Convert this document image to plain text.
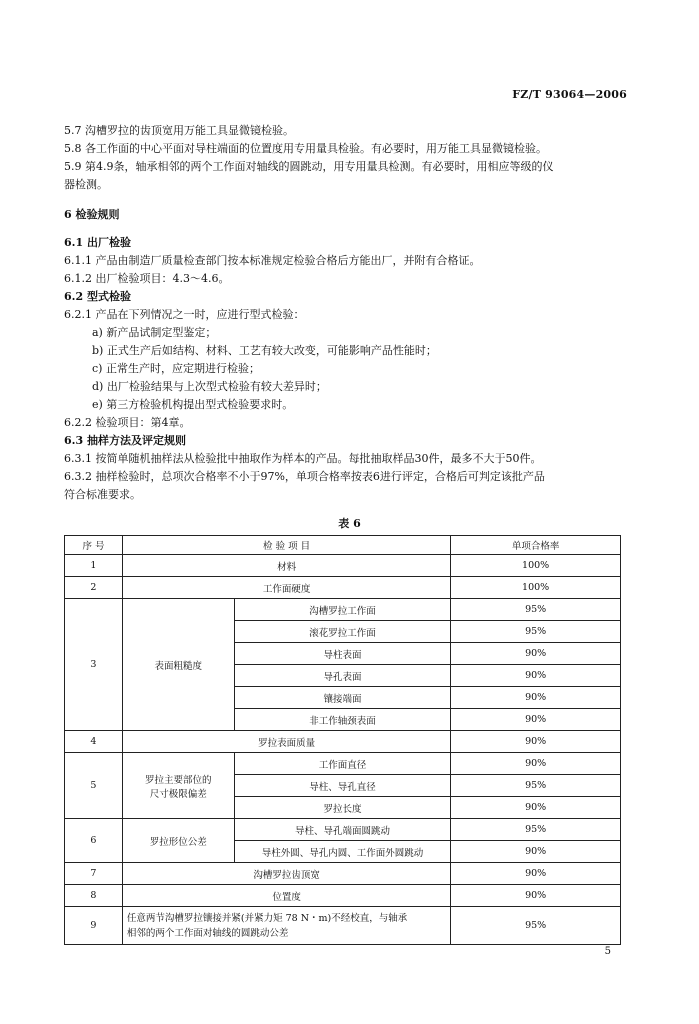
FZ/T 93064—2006
5.7 沟槽罗拉的齿顶宽用万能工具显微镜检验。
5.8 各工作面的中心平面对导柱端面的位置度用专用量具检验。有必要时，用万能工具显微镜检验。
5.9 第4.9条，轴承相邻的两个工作面对轴线的圆跳动，用专用量具检测。有必要时，用相应等级的仪
器检测。
6 检验规则
6.1 出厂检验
6.1.1 产品由制造厂质量检查部门按本标准规定检验合格后方能出厂，并附有合格证。
6.1.2 出厂检验项目：4.3～4.6。
6.2 型式检验
6.2.1 产品在下列情况之一时，应进行型式检验：
a) 新产品试制定型鉴定；
b) 正式生产后如结构、材料、工艺有较大改变，可能影响产品性能时；
c) 正常生产时，应定期进行检验；
d) 出厂检验结果与上次型式检验有较大差异时；
e) 第三方检验机构提出型式检验要求时。
6.2.2 检验项目：第4章。
6.3 抽样方法及评定规则
6.3.1 按简单随机抽样法从检验批中抽取作为样本的产品。每批抽取样品30件，最多不大于50件。
6.3.2 抽样检验时，总项次合格率不小于97%，单项合格率按表6进行评定，合格后可判定该批产品
符合标准要求。
表 6
序 号	检 验 项 目		单项合格率
1	材料		100%
2	工作面硬度		100%
3	表面粗糙度	沟槽罗拉工作面	95%
		滚花罗拉工作面	95%
		导柱表面	90%
		导孔表面	90%
		镶接端面	90%
		非工作轴颈表面	90%
4	罗拉表面质量		90%
5	罗拉主要部位的
尺寸极限偏差	工作面直径	90%
		导柱、导孔直径	95%
		罗拉长度	90%
6	罗拉形位公差	导柱、导孔端面圆跳动	95%
		导柱外圆、导孔内圆、工作面外圆跳动	90%
7	沟槽罗拉齿顶宽		90%
8	位置度		90%
9	任意两节沟槽罗拉镶接并紧(并紧力矩 78 N・m)不经校直，与轴承
相邻的两个工作面对轴线的圆跳动公差		95%
5
